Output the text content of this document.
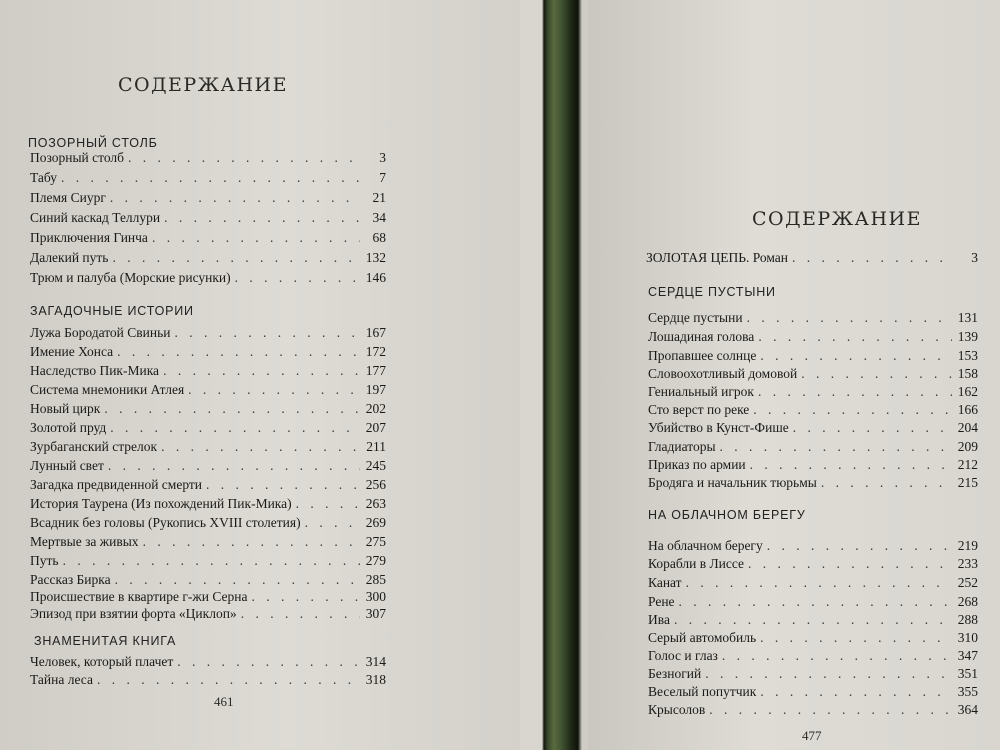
СОДЕРЖАНИЕ
ПОЗОРНЫЙ СТОЛБ
Позорный столб . . .	3
Табу . . .	7
Племя Сиург . . .	21
Синий каскад Теллури . . .	34
Приключения Гинча . . .	68
Далекий путь . . .	132
Трюм и палуба (Морские рисунки) . . .	146
ЗАГАДОЧНЫЕ ИСТОРИИ
Лужа Бородатой Свиньи . . .	167
Имение Хонса . . .	172
Наследство Пик-Мика . . .	177
Система мнемоники Атлея . . .	197
Новый цирк . . .	202
Золотой пруд . . .	207
Зурбаганский стрелок . . .	211
Лунный свет . . .	245
Загадка предвиденной смерти . . .	256
История Таурена (Из похождений Пик-Мика) . . .	263
Всадник без головы (Рукопись XVIII столетия) . . .	269
Мертвые за живых . . .	275
Путь . . .	279
Рассказ Бирка . . .	285
Происшествие в квартире г-жи Серна . . .	300
Эпизод при взятии форта «Циклоп» . . .	307
ЗНАМЕНИТАЯ КНИГА
Человек, который плачет . . .	314
Тайна леса . . .	318
461
СОДЕРЖАНИЕ
ЗОЛОТАЯ ЦЕПЬ. Роман . . .	3
СЕРДЦЕ ПУСТЫНИ
Сердце пустыни . . .	131
Лошадиная голова . . .	139
Пропавшее солнце . . .	153
Словоохотливый домовой . . .	158
Гениальный игрок . . .	162
Сто верст по реке . . .	166
Убийство в Кунст-Фише . . .	204
Гладиаторы . . .	209
Приказ по армии . . .	212
Бродяга и начальник тюрьмы . . .	215
НА ОБЛАЧНОМ БЕРЕГУ
На облачном берегу . . .	219
Корабли в Лиссе . . .	233
Канат . . .	252
Рене . . .	268
Ива . . .	288
Серый автомобиль . . .	310
Голос и глаз . . .	347
Безногий . . .	351
Веселый попутчик . . .	355
Крысолов . . .	364
477
